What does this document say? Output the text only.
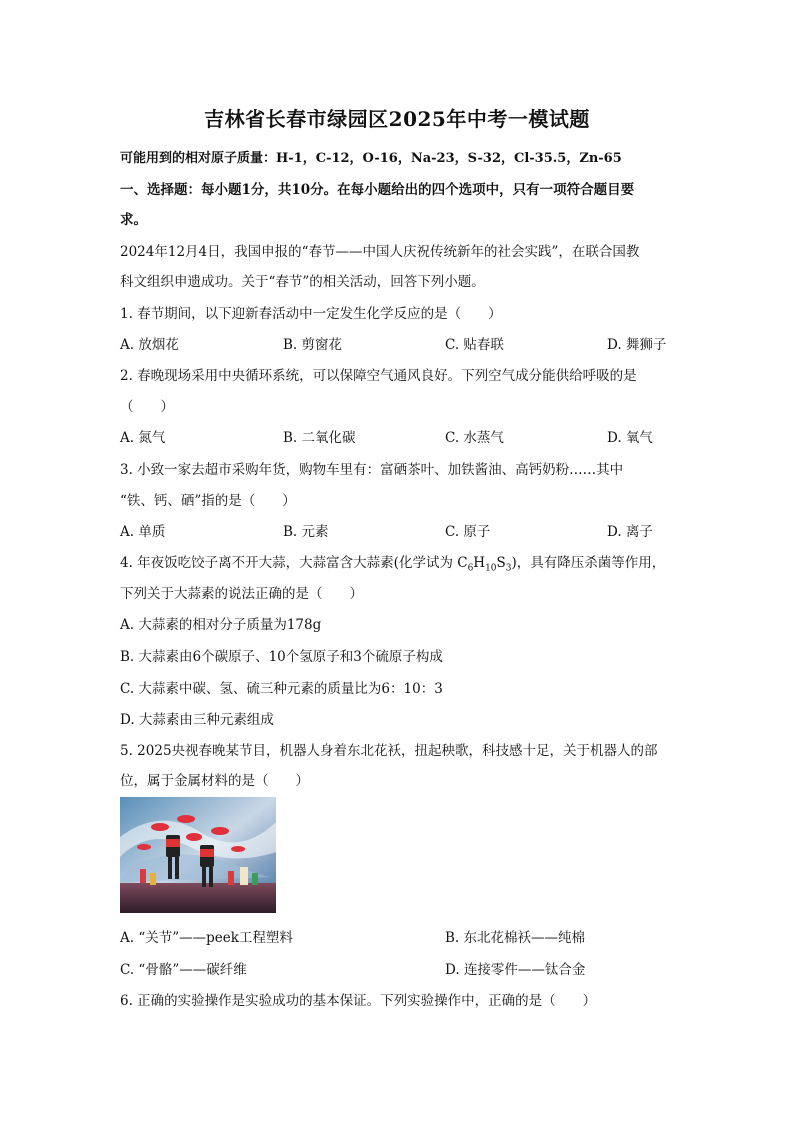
吉林省长春市绿园区2025年中考一模试题
可能用到的相对原子质量：H-1，C-12，O-16，Na-23，S-32，Cl-35.5，Zn-65
一、选择题：每小题1分，共10分。在每小题给出的四个选项中，只有一项符合题目要
求。
2024年12月4日，我国申报的“春节——中国人庆祝传统新年的社会实践”，在联合国教
科文组织申遗成功。关于“春节”的相关活动，回答下列小题。
1. 春节期间，以下迎新春活动中一定发生化学反应的是（　　）
A. 放烟花	B. 剪窗花	C. 贴春联	D. 舞狮子
2. 春晚现场采用中央循环系统，可以保障空气通风良好。下列空气成分能供给呼吸的是
（　　）
A. 氮气	B. 二氧化碳	C. 水蒸气	D. 氧气
3. 小致一家去超市采购年货，购物车里有：富硒茶叶、加铁酱油、高钙奶粉……其中
“铁、钙、硒”指的是（　　）
A. 单质	B. 元素	C. 原子	D. 离子
4. 年夜饭吃饺子离不开大蒜，大蒜富含大蒜素(化学试为 $C_6H_{10}S_3$)，具有降压杀菌等作用，
下列关于大蒜素的说法正确的是（　　）
A. 大蒜素的相对分子质量为178g
B. 大蒜素由6个碳原子、10个氢原子和3个硫原子构成
C. 大蒜素中碳、氢、硫三种元素的质量比为6：10：3
D. 大蒜素由三种元素组成
5. 2025央视春晚某节目，机器人身着东北花袄，扭起秧歌，科技感十足，关于机器人的部
位，属于金属材料的是（　　）
A. “关节”——peek工程塑料	B. 东北花棉袄——纯棉
C. “骨骼”——碳纤维	D. 连接零件——钛合金
6. 正确的实验操作是实验成功的基本保证。下列实验操作中，正确的是（　　）
